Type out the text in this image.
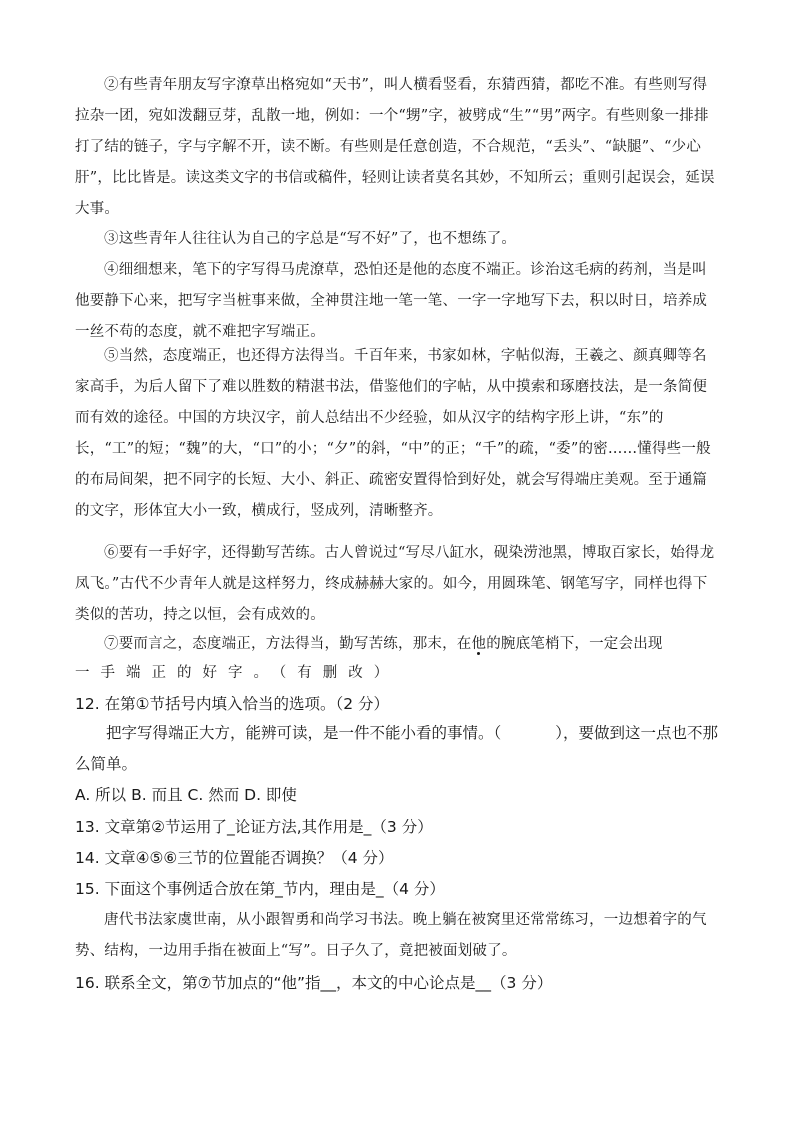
②有些青年朋友写字潦草出格宛如“天书”，叫人横看竖看，东猜西猜，都吃不准。有些则写得拉杂一团，宛如泼翻豆芽，乱散一地，例如：一个“甥”字，被劈成“生”“男”两字。有些则象一排排打了结的链子，字与字解不开，读不断。有些则是任意创造，不合规范，“丢头”、“缺腿”、“少心肝”，比比皆是。读这类文字的书信或稿件，轻则让读者莫名其妙，不知所云；重则引起误会，延误大事。

③这些青年人往往认为自己的字总是“写不好”了，也不想练了。

④细细想来，笔下的字写得马虎潦草，恐怕还是他的态度不端正。诊治这毛病的药剂，当是叫他要静下心来，把写字当桩事来做，全神贯注地一笔一笔、一字一字地写下去，积以时日，培养成一丝不苟的态度，就不难把字写端正。

⑤当然，态度端正，也还得方法得当。千百年来，书家如林，字帖似海，王羲之、颜真卿等名家高手，为后人留下了难以胜数的精湛书法，借鉴他们的字帖，从中摸索和琢磨技法，是一条简便而有效的途径。中国的方块汉字，前人总结出不少经验，如从汉字的结构字形上讲，“东”的长，“工”的短；“魏”的大，“口”的小；“夕”的斜，“中”的正；“千”的疏，“委”的密……懂得些一般的布局间架，把不同字的长短、大小、斜正、疏密安置得恰到好处，就会写得端庄美观。至于通篇的文字，形体宜大小一致，横成行，竖成列，清晰整齐。

⑥要有一手好字，还得勤写苦练。古人曾说过“写尽八缸水，砚染涝池黑，博取百家长，始得龙凤飞。”古代不少青年人就是这样努力，终成赫赫大家的。如今，用圆珠笔、钢笔写字，同样也得下类似的苦功，持之以恒，会有成效的。

⑦要而言之，态度端正，方法得当，勤写苦练，那末，在他的腕底笔梢下，一定会出现

一手端正的好字。（有删改）

12. 在第①节括号内填入恰当的选项。（2 分）

把字写得端正大方，能辨可读，是一件不能小看的事情。（	），要做到这一点也不那么简单。

A. 所以 B. 而且 C. 然而 D. 即使

13. 文章第②节运用了_论证方法,其作用是_（3 分）

14. 文章④⑤⑥三节的位置能否调换？（4 分）

15. 下面这个事例适合放在第_节内，理由是_（4 分）

唐代书法家虞世南，从小跟智勇和尚学习书法。晚上躺在被窝里还常常练习，一边想着字的气势、结构，一边用手指在被面上“写”。日子久了，竟把被面划破了。

16. 联系全文，第⑦节加点的“他”指__，本文的中心论点是__（3 分）
